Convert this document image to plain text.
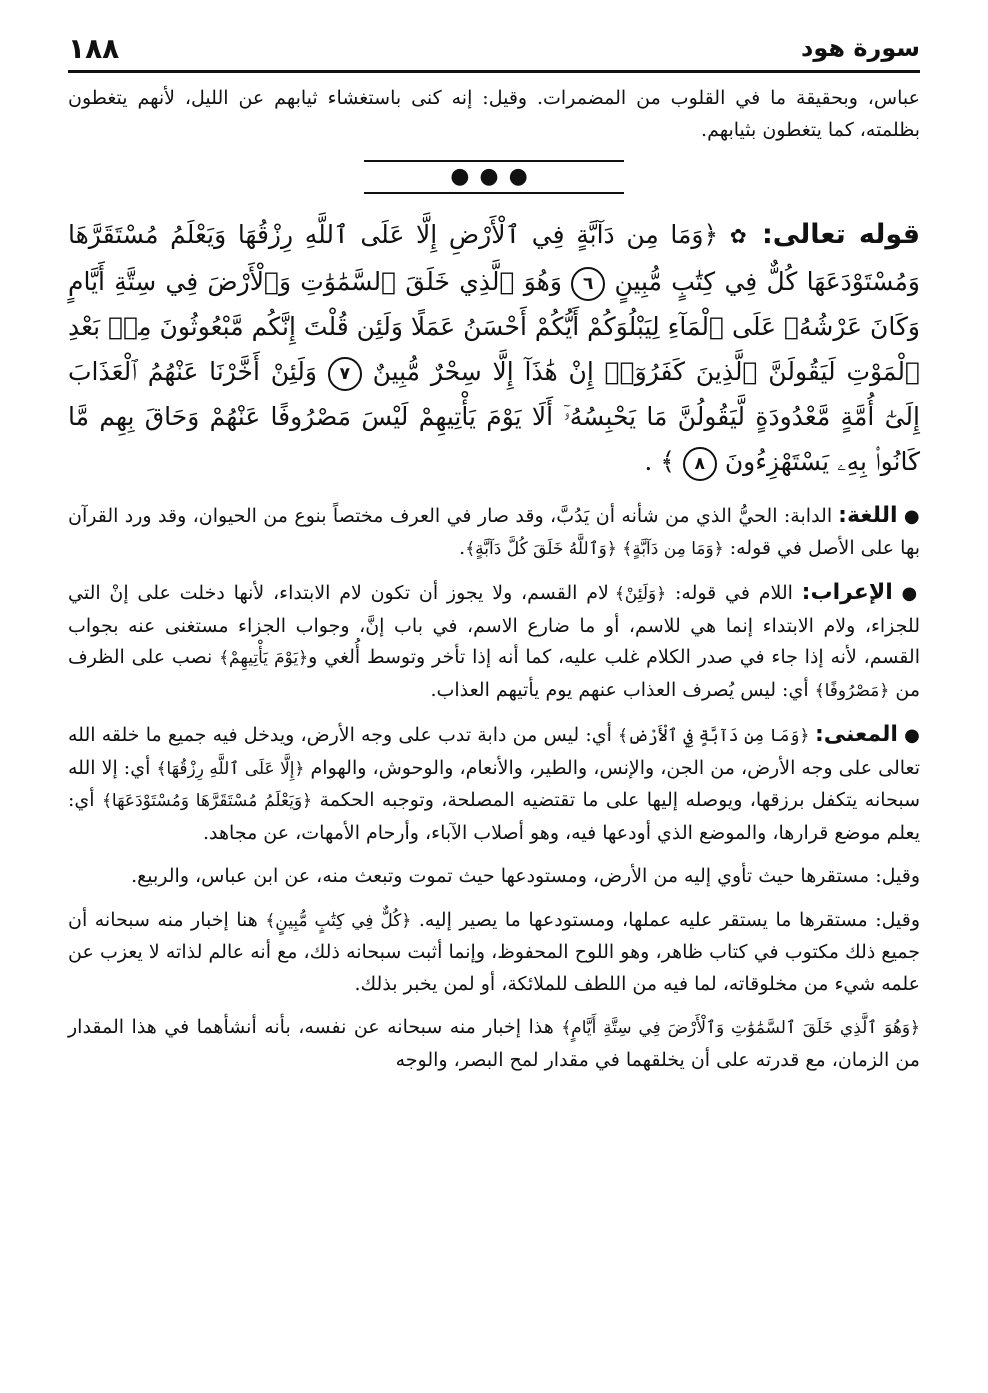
سورة هود
١٨٨

عباس، وبحقيقة ما في القلوب من المضمرات. وقيل: إنه كنى باستغشاء ثيابهم عن الليل، لأنهم يتغطون بظلمته، كما يتغطون بثيابهم.

●●●
قوله تعالى: ✿ ﴿وَمَا مِن دَآبَّةٍ فِي ٱلْأَرْضِ إِلَّا عَلَى ٱللَّهِ رِزْقُهَا وَيَعْلَمُ مُسْتَقَرَّهَا وَمُسْتَوْدَعَهَا كُلٌّ فِي كِتَٰبٍ مُّبِينٍ ٦ وَهُوَ ٱلَّذِي خَلَقَ ٱلسَّمَٰوَٰتِ وَٱلْأَرْضَ فِي سِتَّةِ أَيَّامٍ وَكَانَ عَرْشُهُۥ عَلَى ٱلْمَآءِ لِيَبْلُوَكُمْ أَيُّكُمْ أَحْسَنُ عَمَلًا وَلَئِن قُلْتَ إِنَّكُم مَّبْعُوثُونَ مِنۢ بَعْدِ ٱلْمَوْتِ لَيَقُولَنَّ ٱلَّذِينَ كَفَرُوٓا۟ إِنْ هَٰذَآ إِلَّا سِحْرٌ مُّبِينٌ ٧ وَلَئِنْ أَخَّرْنَا عَنْهُمُ ٱلْعَذَابَ إِلَىٰٓ أُمَّةٍ مَّعْدُودَةٍ لَّيَقُولُنَّ مَا يَحْبِسُهُۥٓ أَلَا يَوْمَ يَأْتِيهِمْ لَيْسَ مَصْرُوفًا عَنْهُمْ وَحَاقَ بِهِم مَّا كَانُوا۟ بِهِۦ يَسْتَهْزِءُونَ ٨ ﴾ .

● اللغة: الدابة: الحيُّ الذي من شأنه أن يَدُبَّ، وقد صار في العرف مختصاً بنوع من الحيوان، وقد ورد القرآن بها على الأصل في قوله: ﴿وَمَا مِن دَآبَّةٍ﴾ ﴿وَٱللَّهُ خَلَقَ كُلَّ دَآبَّةٍ﴾.

● الإعراب: اللام في قوله: ﴿وَلَئِنْ﴾ لام القسم، ولا يجوز أن تكون لام الابتداء، لأنها دخلت على إنْ التي للجزاء، ولام الابتداء إنما هي للاسم، أو ما ضارع الاسم، في باب إنَّ، وجواب الجزاء مستغنى عنه بجواب القسم، لأنه إذا جاء في صدر الكلام غلب عليه، كما أنه إذا تأخر وتوسط أُلغي و﴿يَوْمَ يَأْتِيهِمْ﴾ نصب على الظرف من ﴿مَصْرُوفًا﴾ أي: ليس يُصرف العذاب عنهم يوم يأتيهم العذاب.

● المعنى: ﴿وَمَا مِن دَآبَّةٍ فِي ٱلْأَرْضِ﴾ أي: ليس من دابة تدب على وجه الأرض، ويدخل فيه جميع ما خلقه الله تعالى على وجه الأرض، من الجن، والإنس، والطير، والأنعام، والوحوش، والهوام ﴿إِلَّا عَلَى ٱللَّهِ رِزْقُهَا﴾ أي: إلا الله سبحانه يتكفل برزقها، ويوصله إليها على ما تقتضيه المصلحة، وتوجبه الحكمة ﴿وَيَعْلَمُ مُسْتَقَرَّهَا وَمُسْتَوْدَعَهَا﴾ أي: يعلم موضع قرارها، والموضع الذي أودعها فيه، وهو أصلاب الآباء، وأرحام الأمهات، عن مجاهد.

وقيل: مستقرها حيث تأوي إليه من الأرض، ومستودعها حيث تموت وتبعث منه، عن ابن عباس، والربيع.

وقيل: مستقرها ما يستقر عليه عملها، ومستودعها ما يصير إليه. ﴿كُلٌّ فِي كِتَٰبٍ مُّبِينٍ﴾ هنا إخبار منه سبحانه أن جميع ذلك مكتوب في كتاب ظاهر، وهو اللوح المحفوظ، وإنما أثبت سبحانه ذلك، مع أنه عالم لذاته لا يعزب عن علمه شيء من مخلوقاته، لما فيه من اللطف للملائكة، أو لمن يخبر بذلك.

﴿وَهُوَ ٱلَّذِي خَلَقَ ٱلسَّمَٰوَٰتِ وَٱلْأَرْضَ فِي سِتَّةِ أَيَّامٍ﴾ هذا إخبار منه سبحانه عن نفسه، بأنه أنشأهما في هذا المقدار من الزمان، مع قدرته على أن يخلقهما في مقدار لمح البصر، والوجه
